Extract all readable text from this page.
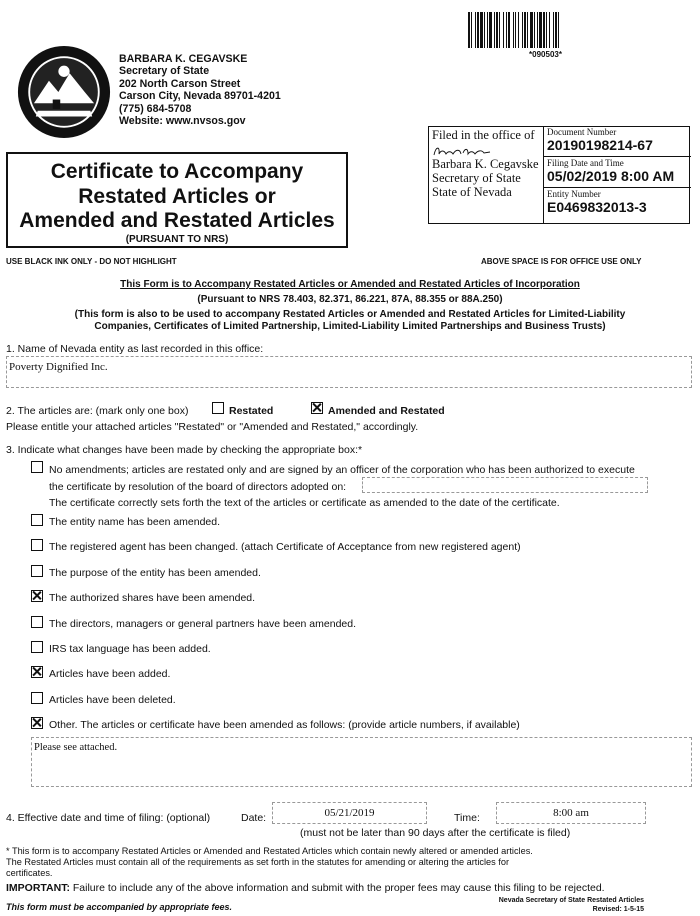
*090503*
BARBARA K. CEGAVSKE
Secretary of State
202 North Carson Street
Carson City, Nevada 89701-4201
(775) 684-5708
Website: www.nvsos.gov
Filed in the office of
Barbara K. Cegavske
Secretary of State
State of Nevada
Document Number
20190198214-67
Filing Date and Time
05/02/2019 8:00 AM
Entity Number
E0469832013-3
Certificate to Accompany
Restated Articles or
Amended and Restated Articles
(PURSUANT TO NRS)
USE BLACK INK ONLY - DO NOT HIGHLIGHT	ABOVE SPACE IS FOR OFFICE USE ONLY
This Form is to Accompany Restated Articles or Amended and Restated Articles of Incorporation
(Pursuant to NRS 78.403, 82.371, 86.221, 87A, 88.355 or 88A.250)
(This form is also to be used to accompany Restated Articles or Amended and Restated Articles for Limited-Liability
Companies, Certificates of Limited Partnership, Limited-Liability Limited Partnerships and Business Trusts)
1. Name of Nevada entity as last recorded in this office:
Poverty Dignified Inc.
2. The articles are: (mark only one box)	Restated	Amended and Restated
Please entitle your attached articles "Restated" or "Amended and Restated," accordingly.
3. Indicate what changes have been made by checking the appropriate box:*
No amendments; articles are restated only and are signed by an officer of the corporation who has been authorized to execute
the certificate by resolution of the board of directors adopted on:
The certificate correctly sets forth the text of the articles or certificate as amended to the date of the certificate.
The entity name has been amended.
The registered agent has been changed. (attach Certificate of Acceptance from new registered agent)
The purpose of the entity has been amended.
The authorized shares have been amended.
The directors, managers or general partners have been amended.
IRS tax language has been added.
Articles have been added.
Articles have been deleted.
Other. The articles or certificate have been amended as follows: (provide article numbers, if available)
Please see attached.
4. Effective date and time of filing: (optional)	Date:	05/21/2019	Time:	8:00 am
(must not be later than 90 days after the certificate is filed)
* This form is to accompany Restated Articles or Amended and Restated Articles which contain newly altered or amended articles.
The Restated Articles must contain all of the requirements as set forth in the statutes for amending or altering the articles for
certificates.
IMPORTANT: Failure to include any of the above information and submit with the proper fees may cause this filing to be rejected.
This form must be accompanied by appropriate fees.
Nevada Secretary of State Restated Articles
Revised: 1-5-15
